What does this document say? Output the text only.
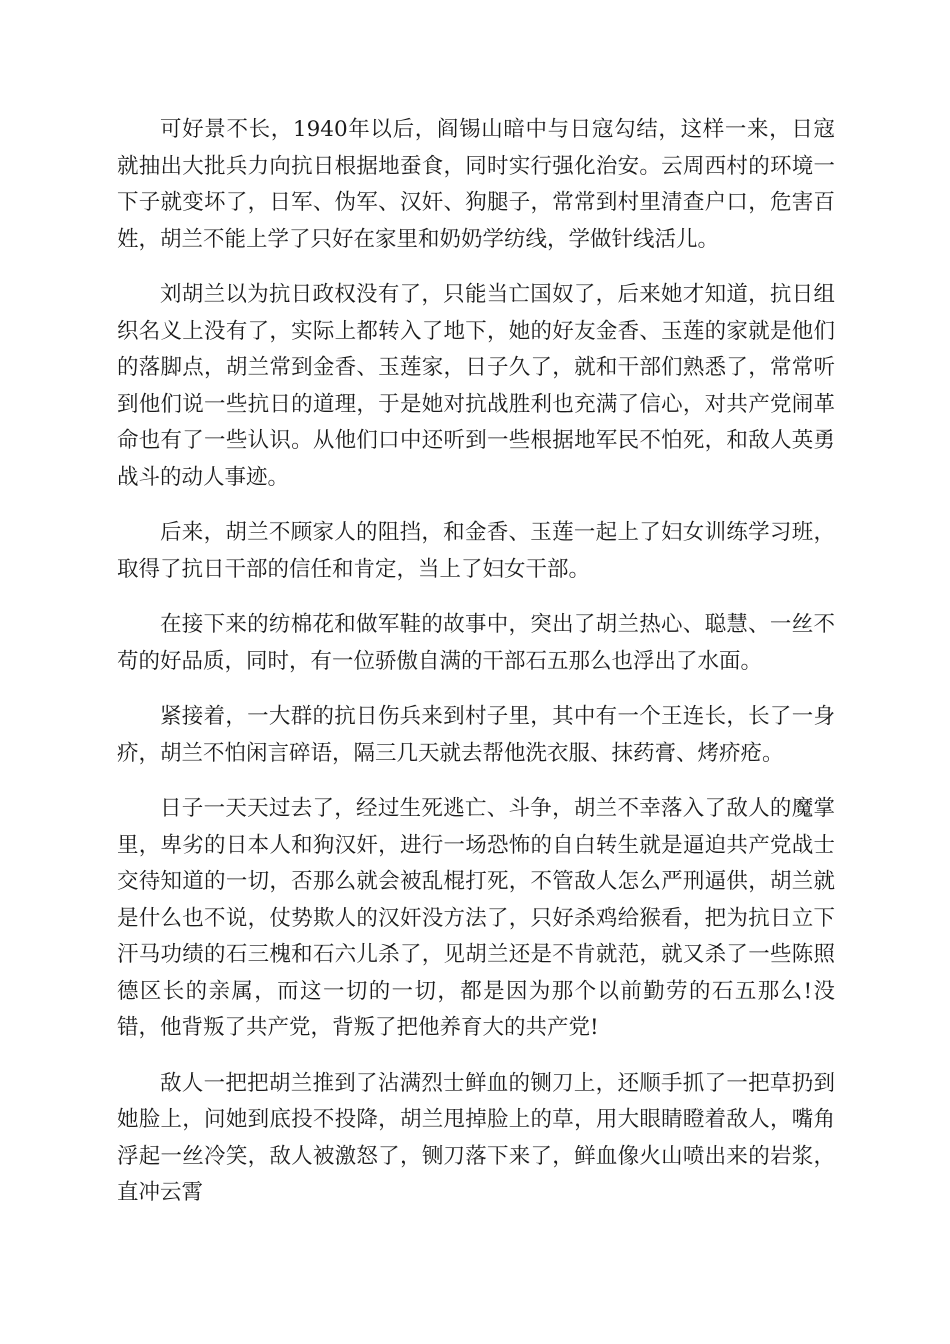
可好景不长，1940年以后，阎锡山暗中与日寇勾结，这样一来，日寇就抽出大批兵力向抗日根据地蚕食，同时实行强化治安。云周西村的环境一下子就变坏了，日军、伪军、汉奸、狗腿子，常常到村里清查户口，危害百姓，胡兰不能上学了只好在家里和奶奶学纺线，学做针线活儿。

刘胡兰以为抗日政权没有了，只能当亡国奴了，后来她才知道，抗日组织名义上没有了，实际上都转入了地下，她的好友金香、玉莲的家就是他们的落脚点，胡兰常到金香、玉莲家，日子久了，就和干部们熟悉了，常常听到他们说一些抗日的道理，于是她对抗战胜利也充满了信心，对共产党闹革命也有了一些认识。从他们口中还听到一些根据地军民不怕死，和敌人英勇战斗的动人事迹。

后来，胡兰不顾家人的阻挡，和金香、玉莲一起上了妇女训练学习班，取得了抗日干部的信任和肯定，当上了妇女干部。

在接下来的纺棉花和做军鞋的故事中，突出了胡兰热心、聪慧、一丝不苟的好品质，同时，有一位骄傲自满的干部石五那么也浮出了水面。

紧接着，一大群的抗日伤兵来到村子里，其中有一个王连长，长了一身疥，胡兰不怕闲言碎语，隔三几天就去帮他洗衣服、抹药膏、烤疥疮。

日子一天天过去了，经过生死逃亡、斗争，胡兰不幸落入了敌人的魔掌里，卑劣的日本人和狗汉奸，进行一场恐怖的自白转生就是逼迫共产党战士交待知道的一切，否那么就会被乱棍打死，不管敌人怎么严刑逼供，胡兰就是什么也不说，仗势欺人的汉奸没方法了，只好杀鸡给猴看，把为抗日立下汗马功绩的石三槐和石六儿杀了，见胡兰还是不肯就范，就又杀了一些陈照德区长的亲属，而这一切的一切，都是因为那个以前勤劳的石五那么!没错，他背叛了共产党，背叛了把他养育大的共产党!

敌人一把把胡兰推到了沾满烈士鲜血的铡刀上，还顺手抓了一把草扔到她脸上，问她到底投不投降，胡兰甩掉脸上的草，用大眼睛瞪着敌人，嘴角浮起一丝冷笑，敌人被激怒了，铡刀落下来了，鲜血像火山喷出来的岩浆，直冲云霄
